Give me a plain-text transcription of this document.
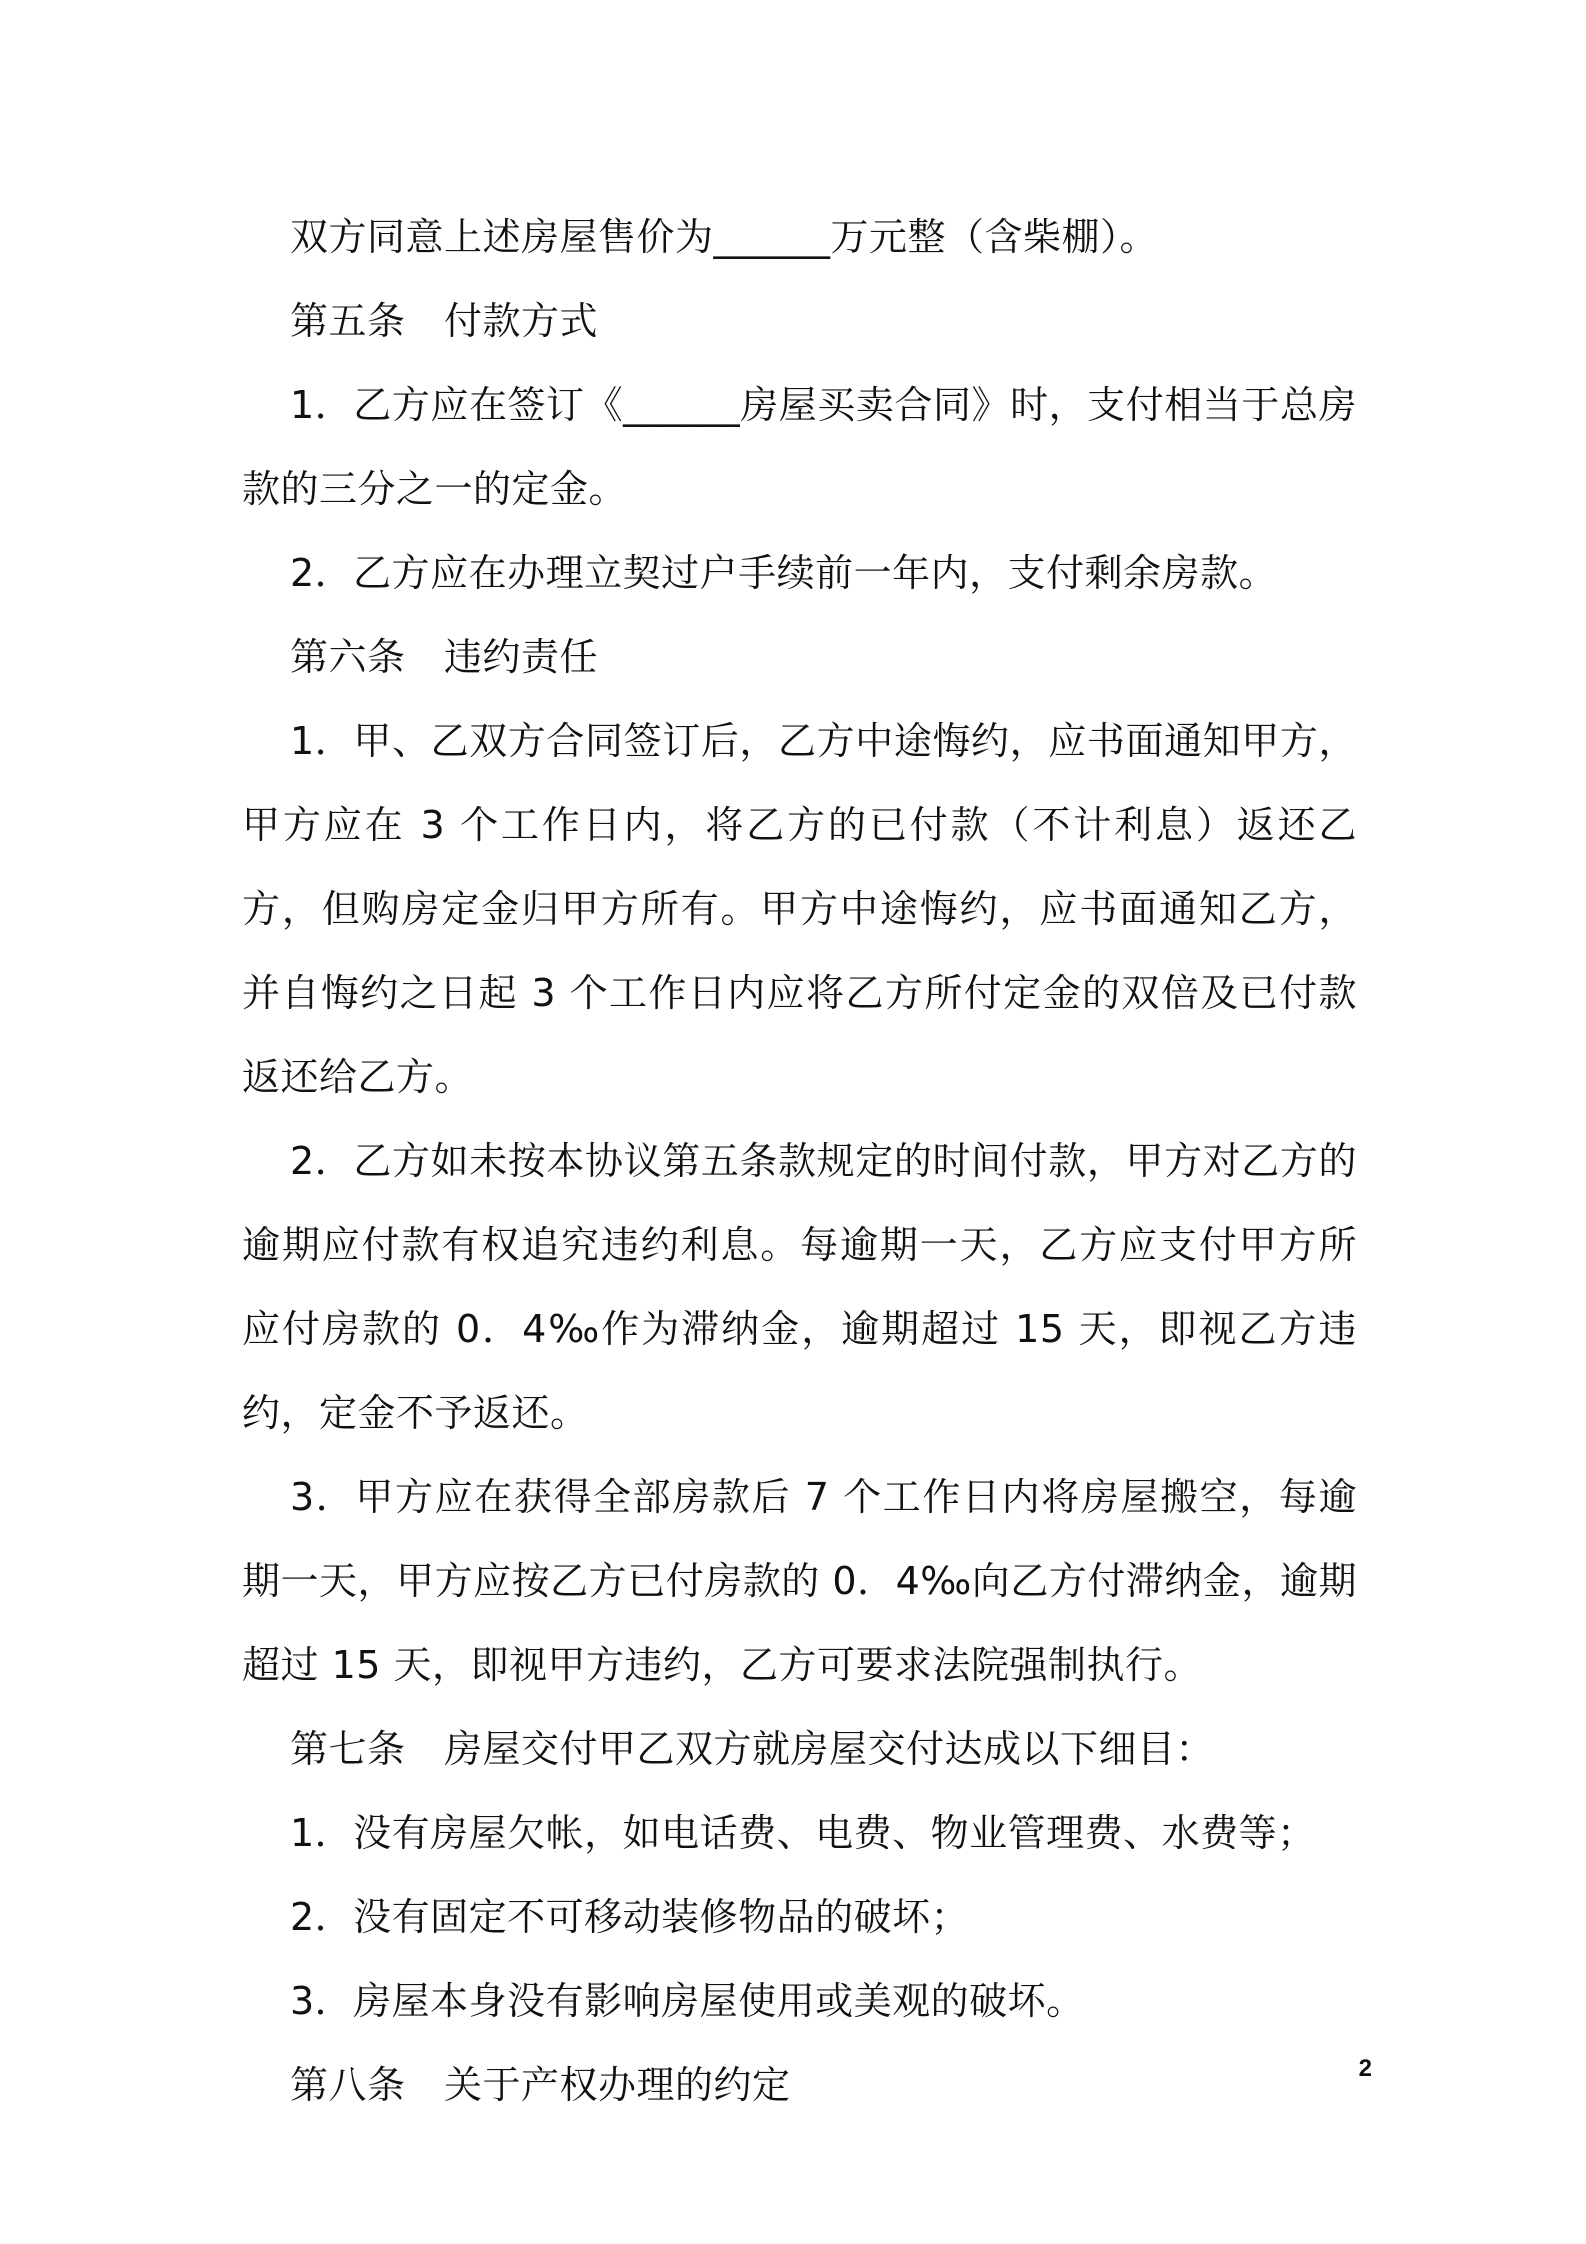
双方同意上述房屋售价为______万元整（含柴棚）。

第五条　付款方式

1．乙方应在签订《______房屋买卖合同》时，支付相当于总房款的三分之一的定金。

2．乙方应在办理立契过户手续前一年内，支付剩余房款。

第六条　违约责任

1．甲、乙双方合同签订后，乙方中途悔约，应书面通知甲方，甲方应在 3 个工作日内，将乙方的已付款（不计利息）返还乙方，但购房定金归甲方所有。甲方中途悔约，应书面通知乙方，并自悔约之日起 3 个工作日内应将乙方所付定金的双倍及已付款返还给乙方。

2．乙方如未按本协议第五条款规定的时间付款，甲方对乙方的逾期应付款有权追究违约利息。每逾期一天，乙方应支付甲方所应付房款的 0．4‰作为滞纳金，逾期超过 15 天，即视乙方违约，定金不予返还。

3．甲方应在获得全部房款后 7 个工作日内将房屋搬空，每逾期一天，甲方应按乙方已付房款的 0．4‰向乙方付滞纳金，逾期超过 15 天，即视甲方违约，乙方可要求法院强制执行。

第七条　房屋交付甲乙双方就房屋交付达成以下细目：

1．没有房屋欠帐，如电话费、电费、物业管理费、水费等；

2．没有固定不可移动装修物品的破坏；

3．房屋本身没有影响房屋使用或美观的破坏。

第八条　关于产权办理的约定	2
